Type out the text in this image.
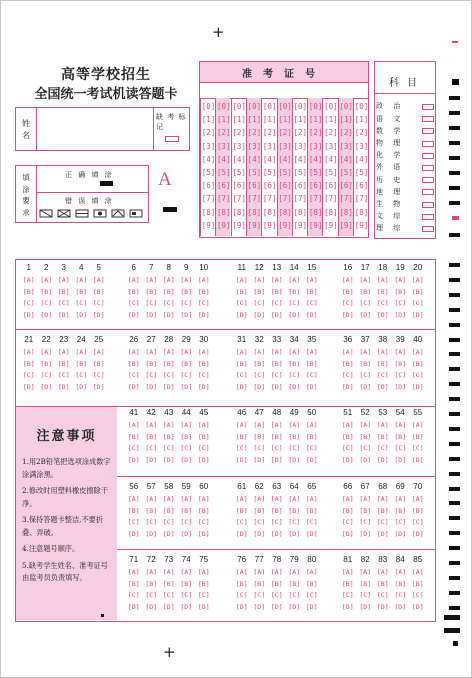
+
+
高等学校招生
全国统一考试机读答题卡
姓名
缺 考 标 记
填涂要求
正 确 填 涂
错 误 填 涂
A
准考证号
[0]
[1]
[2]
[3]
[4]
[5]
[6]
[7]
[8]
[9]
[0]
[1]
[2]
[3]
[4]
[5]
[6]
[7]
[8]
[9]
[0]
[1]
[2]
[3]
[4]
[5]
[6]
[7]
[8]
[9]
[0]
[1]
[2]
[3]
[4]
[5]
[6]
[7]
[8]
[9]
[0]
[1]
[2]
[3]
[4]
[5]
[6]
[7]
[8]
[9]
[0]
[1]
[2]
[3]
[4]
[5]
[6]
[7]
[8]
[9]
[0]
[1]
[2]
[3]
[4]
[5]
[6]
[7]
[8]
[9]
[0]
[1]
[2]
[3]
[4]
[5]
[6]
[7]
[8]
[9]
[0]
[1]
[2]
[3]
[4]
[5]
[6]
[7]
[8]
[9]
[0]
[1]
[2]
[3]
[4]
[5]
[6]
[7]
[8]
[9]
[0]
[1]
[2]
[3]
[4]
[5]
[6]
[7]
[8]
[9]
科目
政 治
语 文
数 学
物 理
化 学
外 语
历 史
地 理
生 物
文 综
理 综
注意事项

1.用2B铅笔把选项涂成数字涂满涂黑。

2.修改时用塑料橡皮擦除干净。

3.保持答题卡整洁,不要折叠、弄破。

4.注意题号顺序。

5.缺考学生姓名、准考证号由监考员负责填写。

1 2 3 4 5
[A] [A] [A] [A] [A]
[B] [B] [B] [B] [B]
[C] [C] [C] [C] [C]
[D] [D] [D] [D] [D]
6 7 8 9 10
[A] [A] [A] [A] [A]
[B] [B] [B] [B] [B]
[C] [C] [C] [C] [C]
[D] [D] [D] [D] [D]
11 12 13 14 15
[A] [A] [A] [A] [A]
[B] [B] [B] [B] [B]
[C] [C] [C] [C] [C]
[D] [D] [D] [D] [D]
16 17 18 19 20
[A] [A] [A] [A] [A]
[B] [B] [B] [B] [B]
[C] [C] [C] [C] [C]
[D] [D] [D] [D] [D]
21 22 23 24 25
[A] [A] [A] [A] [A]
[B] [B] [B] [B] [B]
[C] [C] [C] [C] [C]
[D] [D] [D] [D] [D]
26 27 28 29 30
[A] [A] [A] [A] [A]
[B] [B] [B] [B] [B]
[C] [C] [C] [C] [C]
[D] [D] [D] [D] [D]
31 32 33 34 35
[A] [A] [A] [A] [A]
[B] [B] [B] [B] [B]
[C] [C] [C] [C] [C]
[D] [D] [D] [D] [D]
36 37 38 39 40
[A] [A] [A] [A] [A]
[B] [B] [B] [B] [B]
[C] [C] [C] [C] [C]
[D] [D] [D] [D] [D]
41 42 43 44 45
[A] [A] [A] [A] [A]
[B] [B] [B] [B] [B]
[C] [C] [C] [C] [C]
[D] [D] [D] [D] [D]
46 47 48 49 50
[A] [A] [A] [A] [A]
[B] [B] [B] [B] [B]
[C] [C] [C] [C] [C]
[D] [D] [D] [D] [D]
51 52 53 54 55
[A] [A] [A] [A] [A]
[B] [B] [B] [B] [B]
[C] [C] [C] [C] [C]
[D] [D] [D] [D] [D]
56 57 58 59 60
[A] [A] [A] [A] [A]
[B] [B] [B] [B] [B]
[C] [C] [C] [C] [C]
[D] [D] [D] [D] [D]
61 62 63 64 65
[A] [A] [A] [A] [A]
[B] [B] [B] [B] [B]
[C] [C] [C] [C] [C]
[D] [D] [D] [D] [D]
66 67 68 69 70
[A] [A] [A] [A] [A]
[B] [B] [B] [B] [B]
[C] [C] [C] [C] [C]
[D] [D] [D] [D] [D]
71 72 73 74 75
[A] [A] [A] [A] [A]
[B] [B] [B] [B] [B]
[C] [C] [C] [C] [C]
[D] [D] [D] [D] [D]
76 77 78 79 80
[A] [A] [A] [A] [A]
[B] [B] [B] [B] [B]
[C] [C] [C] [C] [C]
[D] [D] [D] [D] [D]
81 82 83 84 85
[A] [A] [A] [A] [A]
[B] [B] [B] [B] [B]
[C] [C] [C] [C] [C]
[D] [D] [D] [D] [D]
